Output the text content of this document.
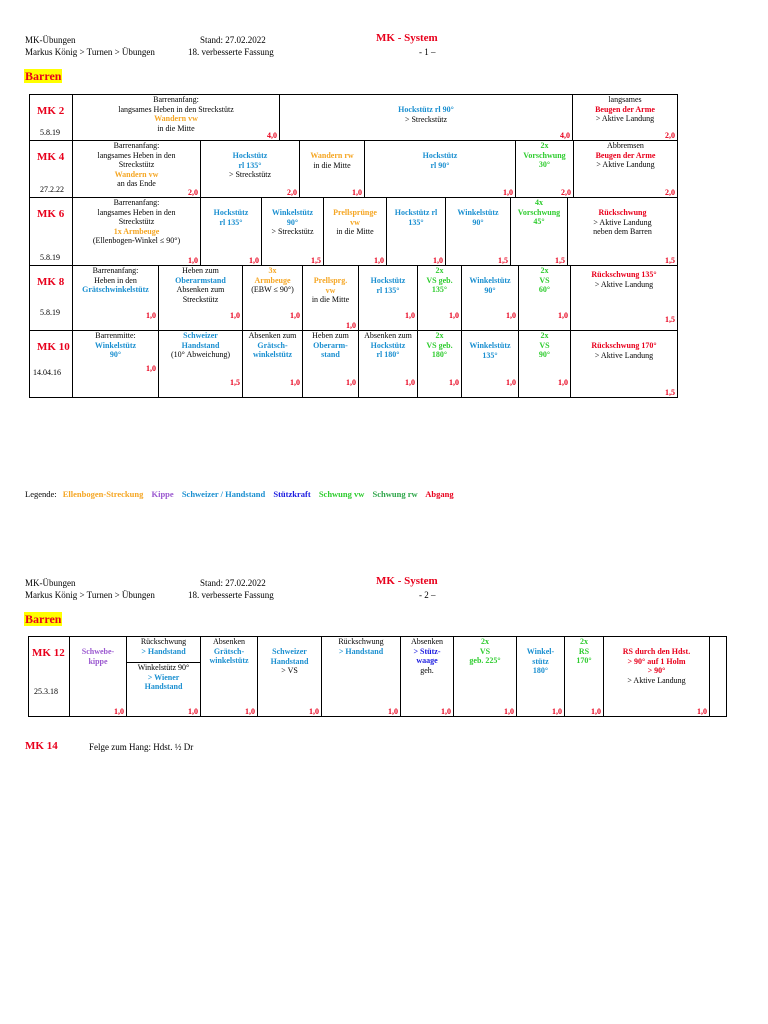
MK-Übungen
Markus König > Turnen > Übungen
Stand: 27.02.2022
18. verbesserte Fassung
MK - System
- 1 –
Barren
MK 2
5.8.19

Barrenanfang:
langsames Heben in den Streckstütz
Wandern vw
in die Mitte
4,0

Hockstütz rl 90°
> Streckstütz
4,0

langsames
Beugen der Arme
> Aktive Landung
2,0
MK 4
27.2.22

Barrenanfang:
langsames Heben in den
Streckstütz
Wandern vw
an das Ende
2,0

Hockstütz
rl 135°
> Streckstütz
2,0

Wandern rw
in die Mitte
1,0

Hockstütz
rl 90°
1,0

2x
Vorschwung
30°
2,0

Abbremsen
Beugen der Arme
> Aktive Landung
2,0
MK 6
5.8.19

Barrenanfang:
langsames Heben in den
Streckstütz
1x Armbeuge
(Ellenbogen-Winkel ≤ 90°)
1,0

Hockstütz
rl 135°
1,0

Winkelstütz
90°
> Streckstütz
1,5

Prellsprünge
vw
in die Mitte
1,0

Hockstütz rl
135°
1,0

Winkelstütz
90°
1,5

4x
Vorschwung
45°
1,5

Rückschwung
> Aktive Landung
neben dem Barren
1,5
MK 8
5.8.19

Barrenanfang:
Heben in den
Grätschwinkelstütz
1,0

Heben zum
Oberarmstand
Absenken zum
Streckstütz
1,0

3x
Armbeuge
(EBW ≤ 90°)
1,0

Prellsprg.
vw
in die Mitte
1,0

Hockstütz
rl 135°
1,0

2x
VS geb.
135°
1,0

Winkelstütz
90°
1,0

2x
VS
60°
1,0

Rückschwung 135°
> Aktive Landung
1,5
MK 10
14.04.16

Barrenmitte:
Winkelstütz
90°
1,0

Schweizer
Handstand
(10° Abweichung)
1,5

Absenken zum
Grätsch-
winkelstütz
1,0

Heben zum
Oberarm-
stand
1,0

Absenken zum
Hockstütz
rl 180°
1,0

2x
VS geb.
180°
1,0

Winkelstütz
135°
1,0

2x
VS
90°
1,0

Rückschwung 170°
> Aktive Landung
1,5
Legende: Ellenbogen-Streckung Kippe Schweizer / Handstand Stützkraft Schwung vw Schwung rw Abgang
MK-Übungen
Markus König > Turnen > Übungen
Stand: 27.02.2022
18. verbesserte Fassung
MK - System
- 2 –
Barren
MK 12
25.3.18

Schwebe-
kippe
1,0

Rückschwung
> Handstand
Winkelstütz 90°
> Wiener
Handstand
1,0

Absenken
Grätsch-
winkelstütz
1,0

Schweizer
Handstand
> VS
1,0

Rückschwung
> Handstand
1,0

Absenken
> Stütz-
waage
geh.
1,0

2x
VS
geb. 225°
1,0

Winkel-
stütz
180°
1,0

2x
RS
170°
1,0

RS durch den Hdst.
> 90° auf 1 Holm
> 90°
> Aktive Landung
1,0

MK 14	Felge zum Hang: Hdst. ½ Dr
